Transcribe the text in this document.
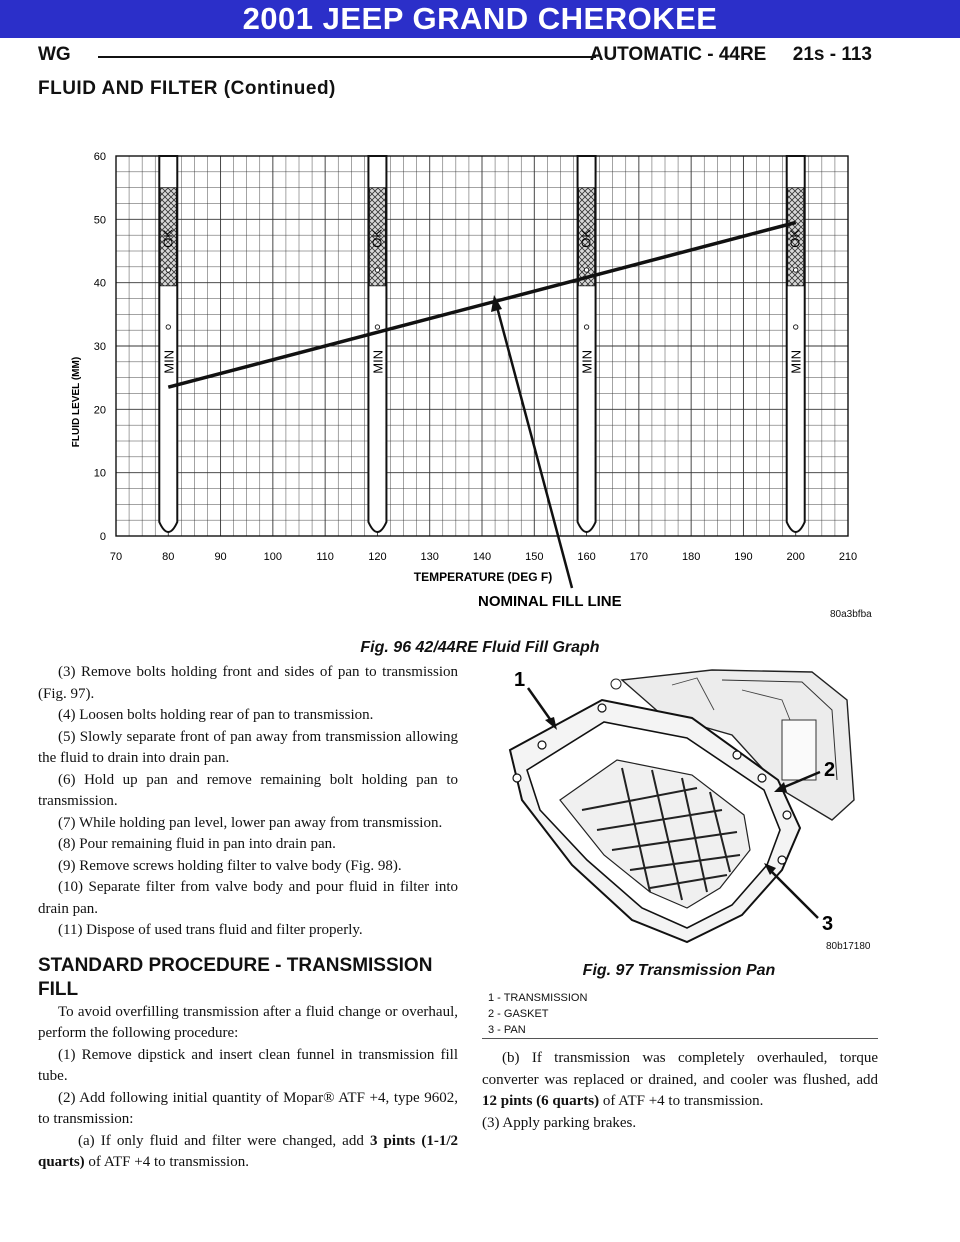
2001 JEEP GRAND CHEROKEE
WG	AUTOMATIC - 44RE     21s - 113
FLUID AND FILTER (Continued)
OK
MIN
OK
MIN
OK
MIN
OK
MIN
70	80	90	100	110	120	130	140	150	160	170	180	190	200	210
0
10
20
30
40
50
60
FLUID LEVEL (MM)
TEMPERATURE (DEG F)
NOMINAL FILL LINE
80a3bfba
Fig. 96 42/44RE Fluid Fill Graph

(3) Remove bolts holding front and sides of pan to transmission (Fig. 97).

(4) Loosen bolts holding rear of pan to transmission.

(5) Slowly separate front of pan away from transmission allowing the fluid to drain into drain pan.

(6) Hold up pan and remove remaining bolt holding pan to transmission.

(7) While holding pan level, lower pan away from transmission.

(8) Pour remaining fluid in pan into drain pan.

(9) Remove screws holding filter to valve body (Fig. 98).

(10) Separate filter from valve body and pour fluid in filter into drain pan.

(11) Dispose of used trans fluid and filter properly.

STANDARD PROCEDURE - TRANSMISSION FILL

To avoid overfilling transmission after a fluid change or overhaul, perform the following procedure:

(1) Remove dipstick and insert clean funnel in transmission fill tube.

(2) Add following initial quantity of Mopar® ATF +4, type 9602, to transmission:

(a) If only fluid and filter were changed, add 3 pints (1-1/2 quarts) of ATF +4 to transmission.

1
2
3
80b17180
Fig. 97 Transmission Pan
1 - TRANSMISSION
2 - GASKET
3 - PAN

(b) If transmission was completely overhauled, torque converter was replaced or drained, and cooler was flushed, add 12 pints (6 quarts) of ATF +4 to transmission.

(3) Apply parking brakes.
